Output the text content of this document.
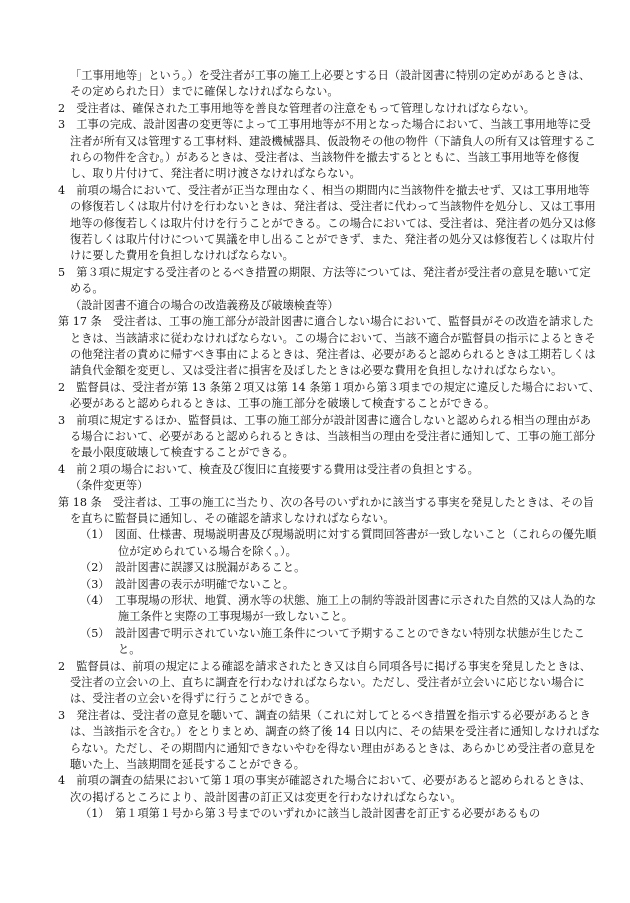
「工事用地等」という。）を受注者が工事の施工上必要とする日（設計図書に特別の定めがあるときは、その定められた日）までに確保しなければならない。

2　受注者は、確保された工事用地等を善良な管理者の注意をもって管理しなければならない。

3　工事の完成、設計図書の変更等によって工事用地等が不用となった場合において、当該工事用地等に受注者が所有又は管理する工事材料、建設機械器具、仮設物その他の物件（下請負人の所有又は管理するこれらの物件を含む。）があるときは、受注者は、当該物件を撤去するとともに、当該工事用地等を修復し、取り片付けて、発注者に明け渡さなければならない。

4　前項の場合において、受注者が正当な理由なく、相当の期間内に当該物件を撤去せず、又は工事用地等の修復若しくは取片付けを行わないときは、発注者は、受注者に代わって当該物件を処分し、又は工事用地等の修復若しくは取片付けを行うことができる。この場合においては、受注者は、発注者の処分又は修復若しくは取片付けについて異議を申し出ることができず、また、発注者の処分又は修復若しくは取片付けに要した費用を負担しなければならない。

5　第３項に規定する受注者のとるべき措置の期限、方法等については、発注者が受注者の意見を聴いて定める。

（設計図書不適合の場合の改造義務及び破壊検査等）

第 17 条　受注者は、工事の施工部分が設計図書に適合しない場合において、監督員がその改造を請求したときは、当該請求に従わなければならない。この場合において、当該不適合が監督員の指示によるときその他発注者の責めに帰すべき事由によるときは、発注者は、必要があると認められるときは工期若しくは請負代金額を変更し、又は受注者に損害を及ぼしたときは必要な費用を負担しなければならない。

2　監督員は、受注者が第 13 条第２項又は第 14 条第１項から第３項までの規定に違反した場合において、必要があると認められるときは、工事の施工部分を破壊して検査することができる。

3　前項に規定するほか、監督員は、工事の施工部分が設計図書に適合しないと認められる相当の理由がある場合において、必要があると認められるときは、当該相当の理由を受注者に通知して、工事の施工部分を最小限度破壊して検査することができる。

4　前２項の場合において、検査及び復旧に直接要する費用は受注者の負担とする。

（条件変更等）

第 18 条　受注者は、工事の施工に当たり、次の各号のいずれかに該当する事実を発見したときは、その旨を直ちに監督員に通知し、その確認を請求しなければならない。

（1）　図面、仕様書、現場説明書及び現場説明に対する質問回答書が一致しないこと（これらの優先順位が定められている場合を除く。）。

（2）　設計図書に誤謬又は脱漏があること。

（3）　設計図書の表示が明確でないこと。

（4）　工事現場の形状、地質、湧水等の状態、施工上の制約等設計図書に示された自然的又は人為的な施工条件と実際の工事現場が一致しないこと。

（5）　設計図書で明示されていない施工条件について予期することのできない特別な状態が生じたこと。

2　監督員は、前項の規定による確認を請求されたとき又は自ら同項各号に掲げる事実を発見したときは、受注者の立会いの上、直ちに調査を行わなければならない。ただし、受注者が立会いに応じない場合には、受注者の立会いを得ずに行うことができる。

3　発注者は、受注者の意見を聴いて、調査の結果（これに対してとるべき措置を指示する必要があるときは、当該指示を含む。）をとりまとめ、調査の終了後 14 日以内に、その結果を受注者に通知しなければならない。ただし、その期間内に通知できないやむを得ない理由があるときは、あらかじめ受注者の意見を聴いた上、当該期間を延長することができる。

4　前項の調査の結果において第１項の事実が確認された場合において、必要があると認められるときは、次の掲げるところにより、設計図書の訂正又は変更を行わなければならない。

（1）　第１項第１号から第３号までのいずれかに該当し設計図書を訂正する必要があるもの
